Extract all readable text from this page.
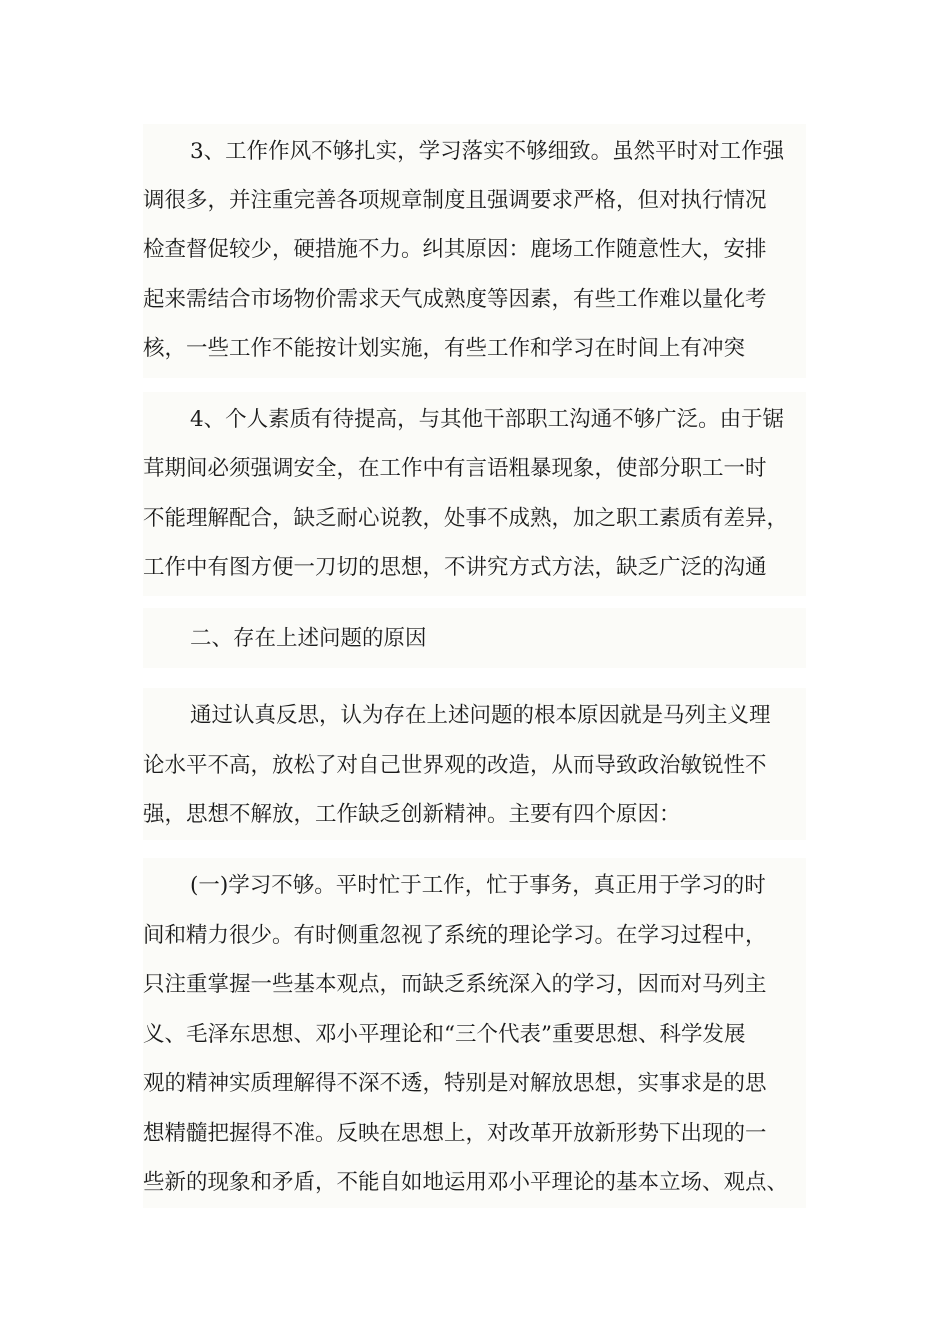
3、工作作风不够扎实，学习落实不够细致。虽然平时对工作强
调很多，并注重完善各项规章制度且强调要求严格，但对执行情况
检查督促较少，硬措施不力。纠其原因：鹿场工作随意性大，安排
起来需结合市场物价需求天气成熟度等因素，有些工作难以量化考
核，一些工作不能按计划实施，有些工作和学习在时间上有冲突
4、个人素质有待提高，与其他干部职工沟通不够广泛。由于锯
茸期间必须强调安全，在工作中有言语粗暴现象，使部分职工一时
不能理解配合，缺乏耐心说教，处事不成熟，加之职工素质有差异，
工作中有图方便一刀切的思想，不讲究方式方法，缺乏广泛的沟通
二、存在上述问题的原因
通过认真反思，认为存在上述问题的根本原因就是马列主义理
论水平不高，放松了对自己世界观的改造，从而导致政治敏锐性不
强，思想不解放，工作缺乏创新精神。主要有四个原因：
(一)学习不够。平时忙于工作，忙于事务，真正用于学习的时
间和精力很少。有时侧重忽视了系统的理论学习。在学习过程中，
只注重掌握一些基本观点，而缺乏系统深入的学习，因而对马列主
义、毛泽东思想、邓小平理论和“三个代表”重要思想、科学发展
观的精神实质理解得不深不透，特别是对解放思想，实事求是的思
想精髓把握得不准。反映在思想上，对改革开放新形势下出现的一
些新的现象和矛盾，不能自如地运用邓小平理论的基本立场、观点、
